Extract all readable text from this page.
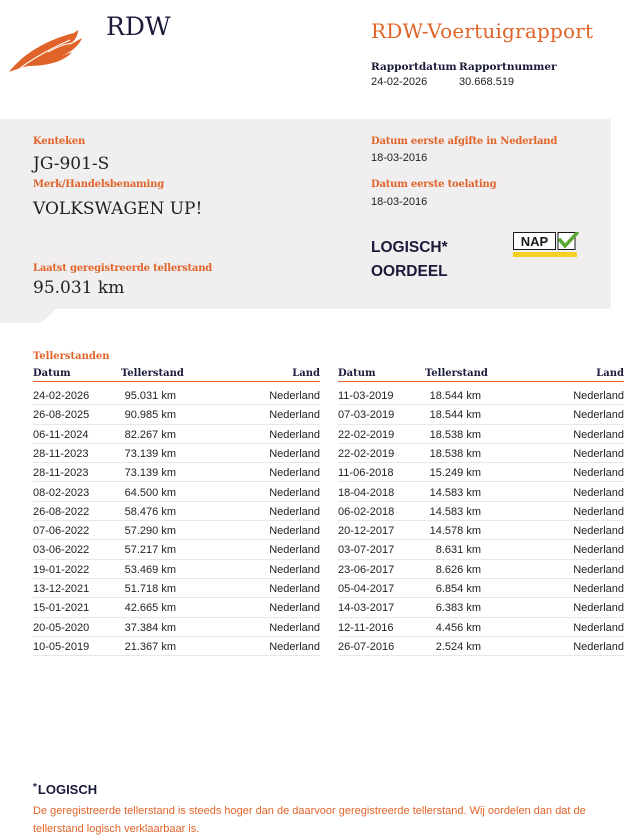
RDW	RDW-Voertuigrapport
Rapportdatum
24-02-2026
Rapportnummer
30.668.519
Kenteken
JG-901-S
Merk/Handelsbenaming
VOLKSWAGEN UP!
Laatst geregistreerde tellerstand
95.031 km
Datum eerste afgifte in Nederland
18-03-2016
Datum eerste toelating
18-03-2016
LOGISCH*
OORDEEL
NAP
Tellerstanden
Datum	Tellerstand	Land
24-02-2026	95.031 km	Nederland
26-08-2025	90.985 km	Nederland
06-11-2024	82.267 km	Nederland
28-11-2023	73.139 km	Nederland
28-11-2023	73.139 km	Nederland
08-02-2023	64.500 km	Nederland
26-08-2022	58.476 km	Nederland
07-06-2022	57.290 km	Nederland
03-06-2022	57.217 km	Nederland
19-01-2022	53.469 km	Nederland
13-12-2021	51.718 km	Nederland
15-01-2021	42.665 km	Nederland
20-05-2020	37.384 km	Nederland
10-05-2019	21.367 km	Nederland
Datum	Tellerstand	Land
11-03-2019	18.544 km	Nederland
07-03-2019	18.544 km	Nederland
22-02-2019	18.538 km	Nederland
22-02-2019	18.538 km	Nederland
11-06-2018	15.249 km	Nederland
18-04-2018	14.583 km	Nederland
06-02-2018	14.583 km	Nederland
20-12-2017	14.578 km	Nederland
03-07-2017	8.631 km	Nederland
23-06-2017	8.626 km	Nederland
05-04-2017	6.854 km	Nederland
14-03-2017	6.383 km	Nederland
12-11-2016	4.456 km	Nederland
26-07-2016	2.524 km	Nederland
*LOGISCH
De geregistreerde tellerstand is steeds hoger dan de daarvoor geregistreerde tellerstand. Wij oordelen dan dat de tellerstand logisch verklaarbaar is.
